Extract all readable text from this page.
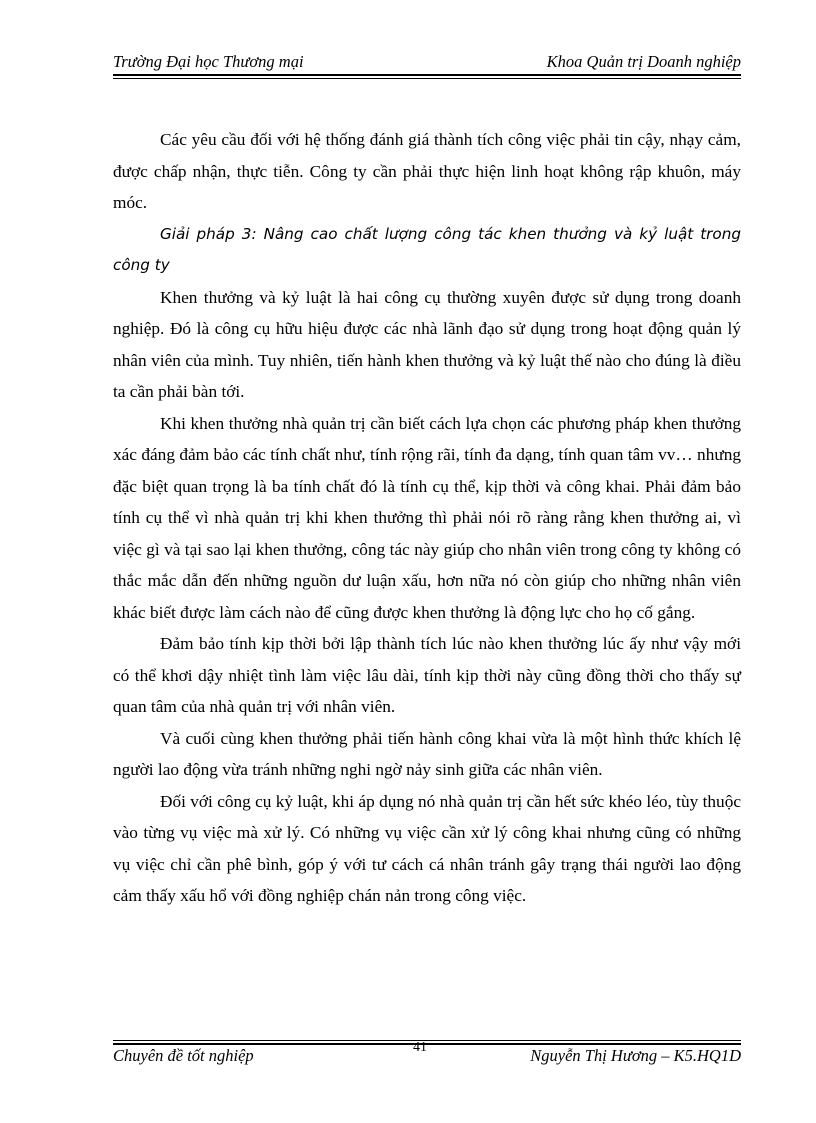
Trường Đại học Thương mại	Khoa Quản trị Doanh nghiệp

Các yêu cầu đối với hệ thống đánh giá thành tích công việc phải tin cậy, nhạy cảm, được chấp nhận, thực tiễn. Công ty cần phải thực hiện linh hoạt không rập khuôn, máy móc.

Giải pháp 3: Nâng cao chất lượng công tác khen thưởng và kỷ luật trong công ty

Khen thưởng và kỷ luật là hai công cụ thường xuyên được sử dụng trong doanh nghiệp. Đó là công cụ hữu hiệu được các nhà lãnh đạo sử dụng trong hoạt động quản lý nhân viên của mình. Tuy nhiên, tiến hành khen thưởng và kỷ luật thế nào cho đúng là điều ta cần phải bàn tới.

Khi khen thưởng nhà quản trị cần biết cách lựa chọn các phương pháp khen thưởng xác đáng đảm bảo các tính chất như, tính rộng rãi, tính đa dạng, tính quan tâm vv… nhưng đặc biệt quan trọng là ba tính chất đó là tính cụ thể, kịp thời và công khai. Phải đảm bảo tính cụ thể vì nhà quản trị khi khen thưởng thì phải nói rõ ràng rằng khen thưởng ai, vì việc gì và tại sao lại khen thưởng, công tác này giúp cho nhân viên trong công ty không có thắc mắc dẫn đến những nguồn dư luận xấu, hơn nữa nó còn giúp cho những nhân viên khác biết được làm cách nào để cũng được khen thưởng là động lực cho họ cố gắng.

Đảm bảo tính kịp thời bởi lập thành tích lúc nào khen thưởng lúc ấy như vậy mới có thể khơi dậy nhiệt tình làm việc lâu dài, tính kịp thời này cũng đồng thời cho thấy sự quan tâm của nhà quản trị với nhân viên.

Và cuối cùng khen thưởng phải tiến hành công khai vừa là một hình thức khích lệ người lao động vừa tránh những nghi ngờ nảy sinh giữa các nhân viên.

Đối với công cụ kỷ luật, khi áp dụng nó nhà quản trị cần hết sức khéo léo, tùy thuộc vào từng vụ việc mà xử lý. Có những vụ việc cần xử lý công khai nhưng cũng có những vụ việc chỉ cần phê bình, góp ý với tư cách cá nhân tránh gây trạng thái người lao động cảm thấy xấu hổ với đồng nghiệp chán nản trong công việc.

Chuyên đề tốt nghiệp	41	Nguyễn Thị Hương – K5.HQ1D
